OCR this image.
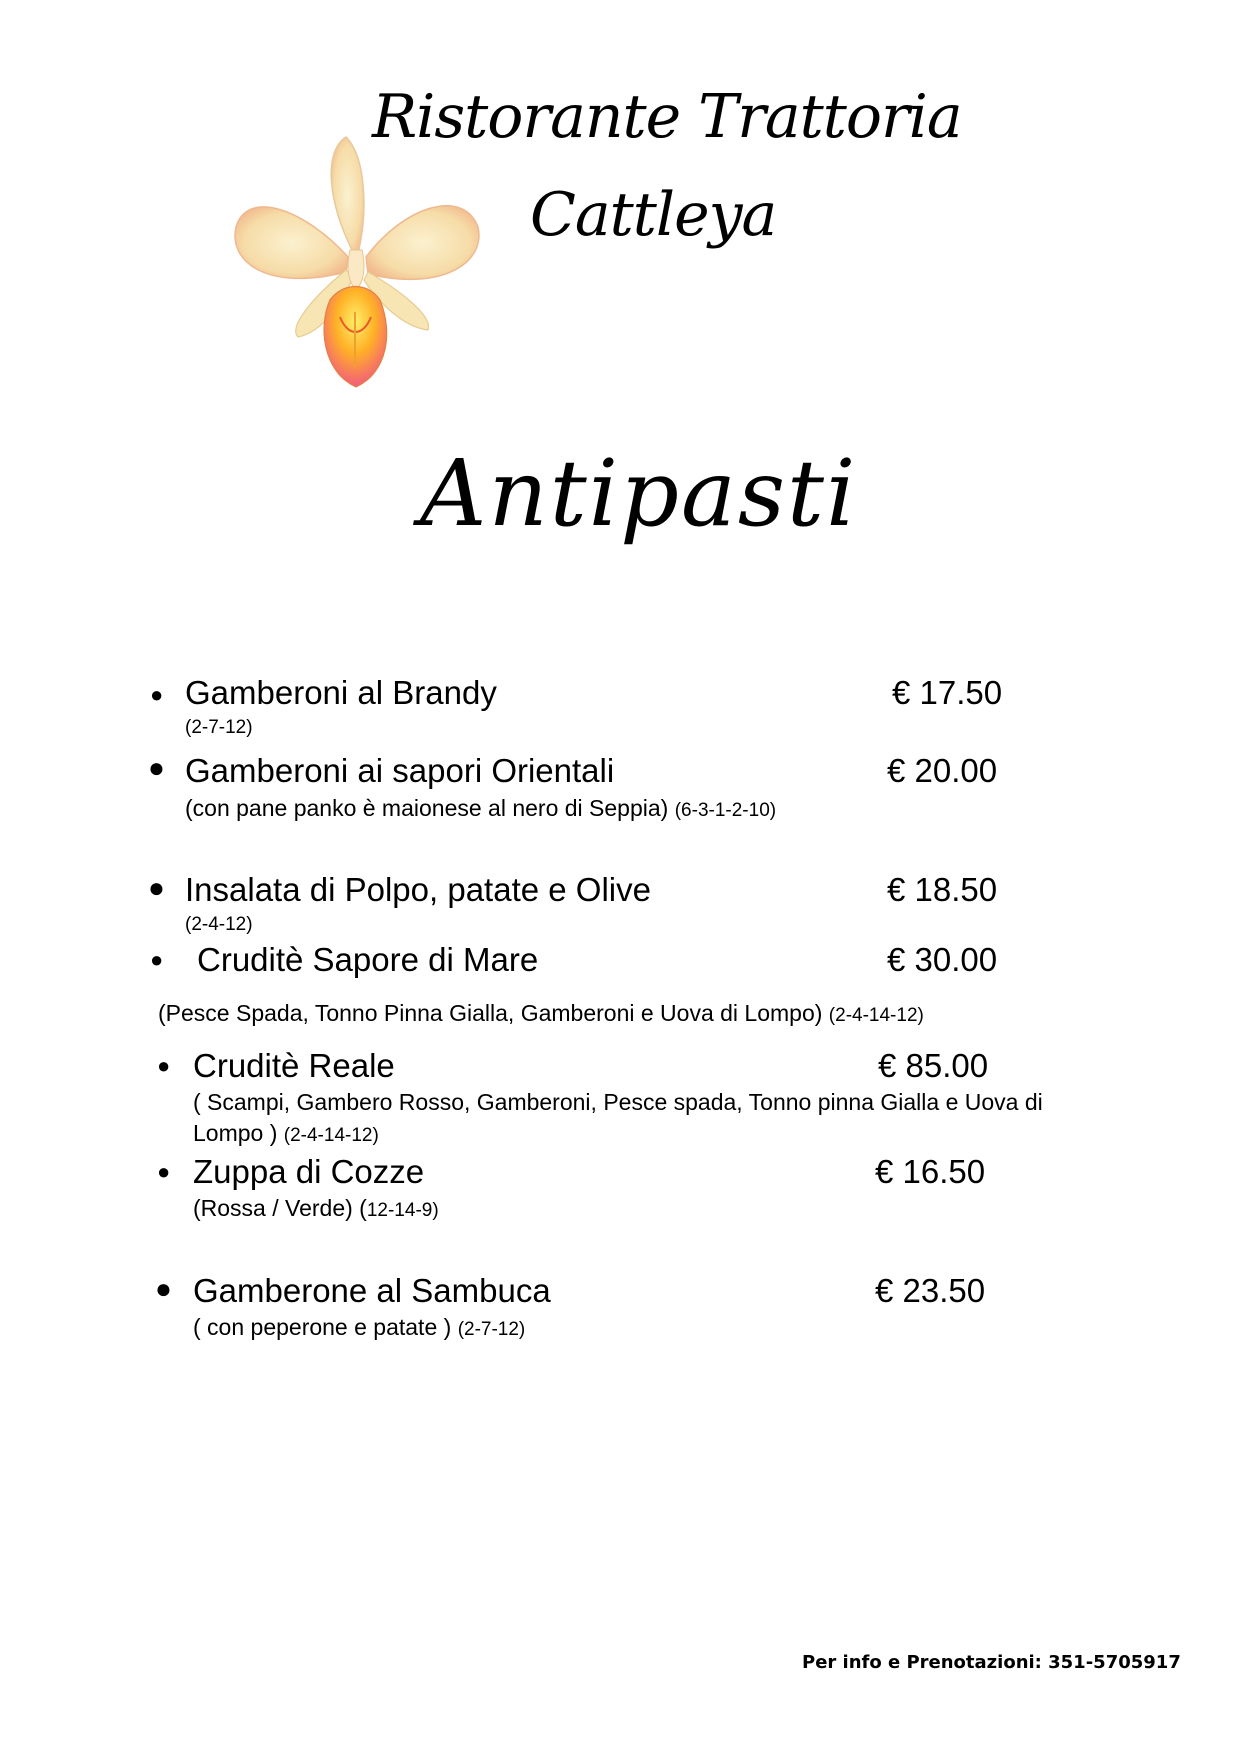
Ristorante Trattoria
Cattleya
Antipasti
● Gamberoni al Brandy	€ 17.50
(2-7-12)
● Gamberoni ai sapori Orientali	€ 20.00
(con pane panko è maionese al nero di Seppia) (6-3-1-2-10)
● Insalata di Polpo, patate e Olive	€ 18.50
(2-4-12)
● Cruditè Sapore di Mare	€ 30.00
(Pesce Spada, Tonno Pinna Gialla, Gamberoni e Uova di Lompo) (2-4-14-12)
● Cruditè Reale	€ 85.00
( Scampi, Gambero Rosso, Gamberoni, Pesce spada, Tonno pinna Gialla e Uova di
Lompo ) (2-4-14-12)
● Zuppa di Cozze	€ 16.50
(Rossa / Verde) (12-14-9)
● Gamberone al Sambuca	€ 23.50
( con peperone e patate ) (2-7-12)
Per info e Prenotazioni: 351-5705917
